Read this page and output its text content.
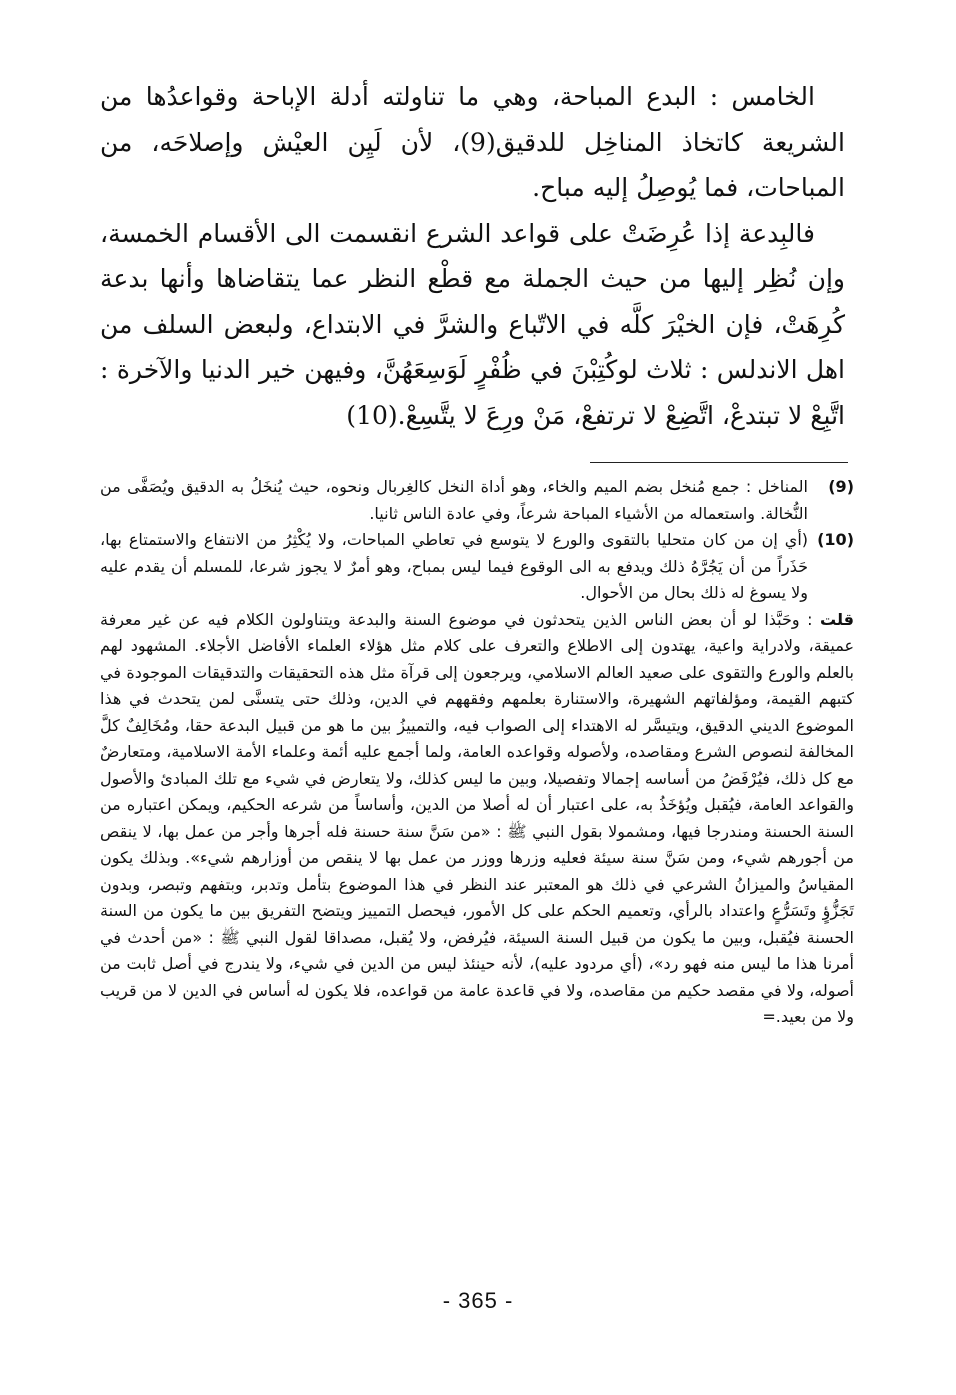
الخامس : البدع المباحة، وهي ما تناولته أدلة الإباحة وقواعدُها من الشريعة كاتخاذ المناخِل للدقيق(9)، لأن لَيِن العيْش وإصلاحَه، من المباحات، فما يُوصِلُ إليه مباح.

فالبِدعة إذا عُرِضَتْ على قواعد الشرع انقسمت الى الأقسام الخمسة، وإن نُظِر إليها من حيث الجملة مع قطْع النظر عما يتقاضاها وأنها بدعة كُرِهَتْ، فإن الخيْرَ كلَّه في الاتّباع والشرَّ في الابتداع، ولبعض السلف من اهل الاندلس : ثلاث لوكُتِبْنَ في ظُفْرٍ لَوَسِعَهُنَّ، وفيهن خير الدنيا والآخرة : اتَّبِعْ لا تبتدعْ، اتَّضِعْ لا ترتفعْ، مَنْ ورِعَ لا يتَّسِعْ.(10)

(9)
المناخل : جمع مُنخل بضم الميم والخاء، وهو أداة النخل كالغِربال ونحوه، حيث يُنخَلُ به الدقيق ويُصَفَّى من النُّخالة. واستعماله من الأشياء المباحة شرعاً، وفي عادة الناس ثانيا.
(10)
(أي إن من كان متحليا بالتقوى والورع لا يتوسع في تعاطي المباحات، ولا يُكْثِرُ من الانتفاع والاستمتاع بها، حَذَراً من أن يَجُرَّهُ ذلك ويدفع به الى الوقوع فيما ليس بمباح، وهو أمرٌ لا يجوز شرعا، للمسلم أن يقدم عليه ولا يسوغ له ذلك بحال من الأحوال.
قلت : وحَبَّذا لو أن بعض الناس الذين يتحدثون في موضوع السنة والبدعة ويتناولون الكلام فيه عن غير معرفة عميقة، ولادراية واعية، يهتدون إلى الاطلاع والتعرف على كلام مثل هؤلاء العلماء الأفاضل الأجلاء. المشهود لهم بالعلم والورع والتقوى على صعيد العالم الاسلامي، ويرجعون إلى قرآة مثل هذه التحقيقات والتدقيقات الموجودة في كتبهم القيمة، ومؤلفاتهم الشهيرة، والاستنارة بعلمهم وفقههم في الدين، وذلك حتى يتسنَّى لمن يتحدث في هذا الموضوع الديني الدقيق، ويتيسَّر له الاهتداء إلى الصواب فيه، والتمييزُ بين ما هو من قبيل البدعة حقا، ومُخَالِفٌ كلَّ المخالفة لنصوص الشرع ومقاصده، ولأصوله وقواعده العامة، ولما أجمع عليه أئمة وعلماء الأمة الاسلامية، ومتعارضٌ مع كل ذلك، فيُرْفَضُ من أساسه إجمالا وتفصيلا، وبين ما ليس كذلك، ولا يتعارض في شيء مع تلك المبادئ والأصول والقواعد العامة، فيُقبل ويُؤخَذُ به، على اعتبار أن له أصلا من الدين، وأساساً من شرعه الحكيم، ويمكن اعتباره من السنة الحسنة ومندرجا فيها، ومشمولا بقول النبي ﷺ : «من سَنَّ سنة حسنة فله أجرها وأجر من عمل بها، لا ينقص من أجورهم شيء، ومن سَنَّ سنة سيئة فعليه وزرها ووزر من عمل بها لا ينقص من أوزارهم شيء». وبذلك يكون المقياسُ والميزانُ الشرعي في ذلك هو المعتبر عند النظر في هذا الموضوع بتأمل وتدبر، وبتفهم وتبصر، وبدون تَجَزُّؤٍ وتَسَرُّعٍ واعتداد بالرأي، وتعميم الحكم على كل الأمور، فيحصل التمييز ويتضح التفريق بين ما يكون من السنة الحسنة فيُقبل، وبين ما يكون من قبيل السنة السيئة، فيُرفض، ولا يُقبل، مصداقا لقول النبي ﷺ : «من أحدث في أمرنا هذا ما ليس منه فهو رد»، (أي مردود عليه)، لأنه حينئذ ليس من الدين في شيء، ولا يندرج في أصل ثابت من أصوله، ولا في مقصد حكيم من مقاصده، ولا في قاعدة عامة من قواعده، فلا يكون له أساس في الدين لا من قريب ولا من بعيد.=
- 365 -
